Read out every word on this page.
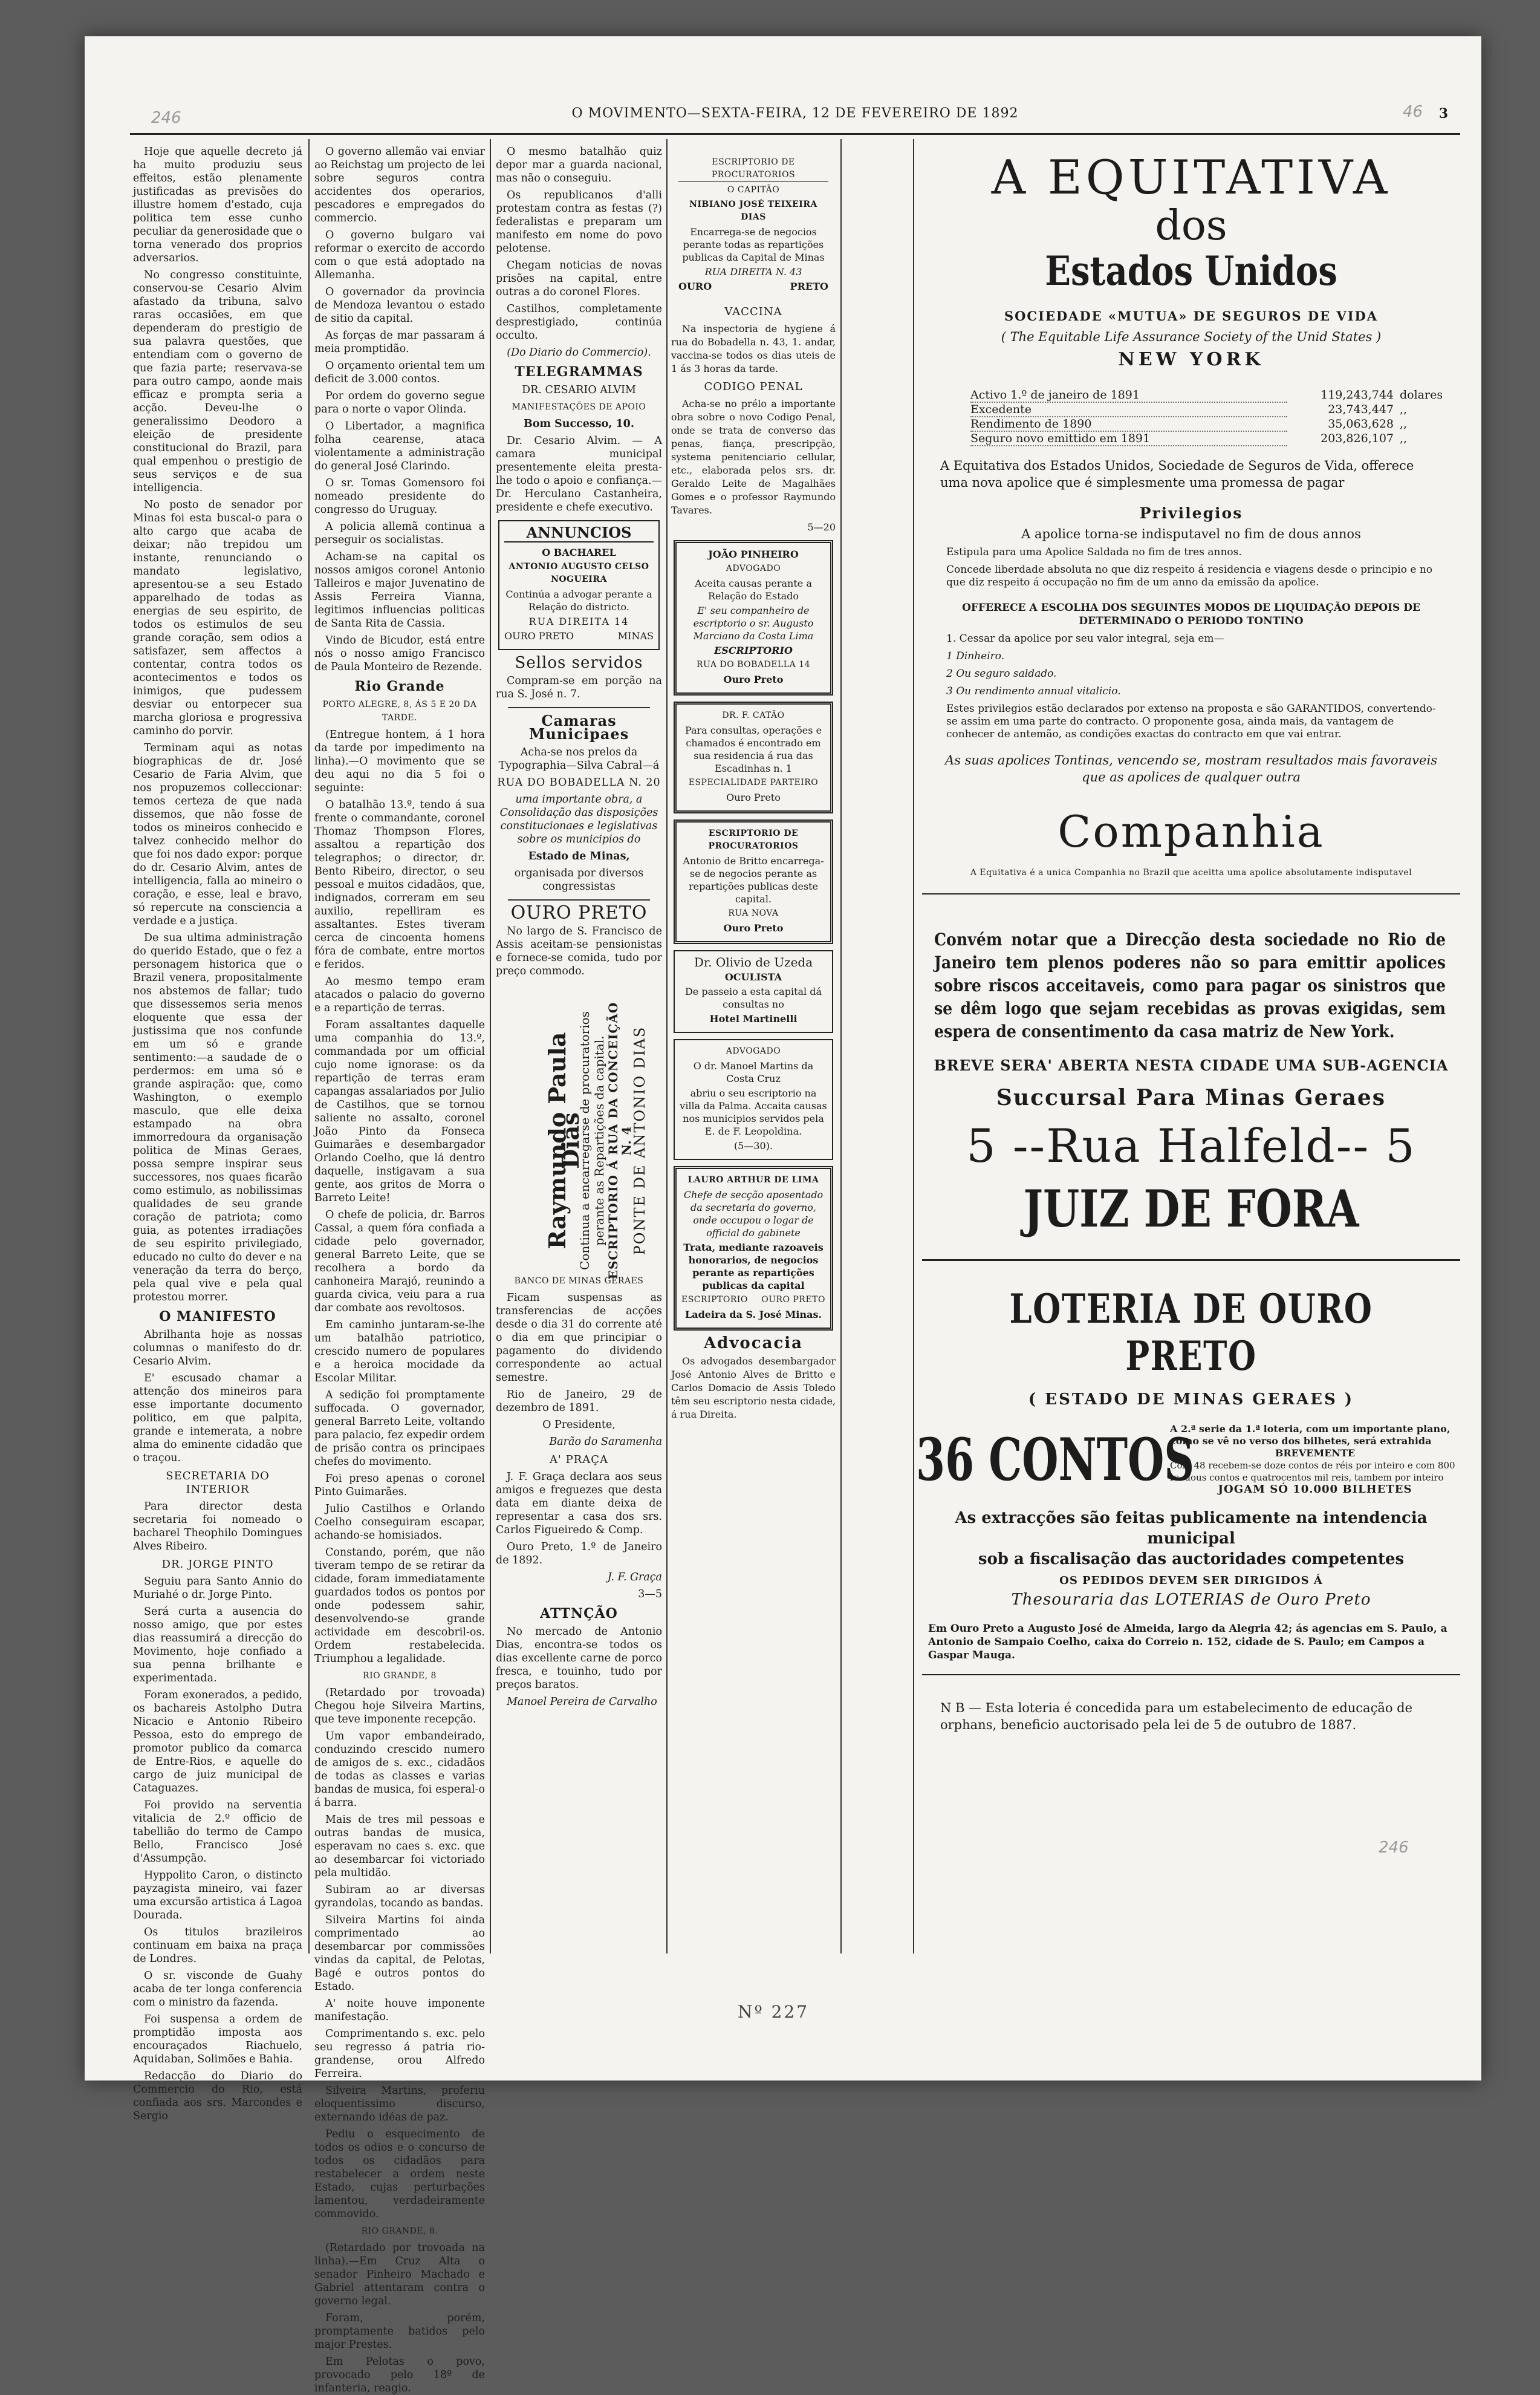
246	46
246
O MOVIMENTO—SEXTA-FEIRA, 12 DE FEVEREIRO DE 1892	3

Hoje que aquelle decreto já ha muito produziu seus effeitos, estão plenamente justificadas as previsões do illustre homem d'estado, cuja politica tem esse cunho peculiar da generosidade que o torna venerado dos proprios adversarios.

No congresso constituinte, conservou-se Cesario Alvim afastado da tribuna, salvo raras occasiões, em que dependeram do prestigio de sua palavra questões, que entendiam com o governo de que fazia parte; reservava-se para outro campo, aonde mais efficaz e prompta seria a acção. Deveu-lhe o generalissimo Deodoro a eleição de presidente constitucional do Brazil, para qual empenhou o prestigio de seus serviços e de sua intelligencia.

No posto de senador por Minas foi esta buscal-o para o alto cargo que acaba de deixar; não trepidou um instante, renunciando o mandato legislativo, apresentou-se a seu Estado apparelhado de todas as energias de seu espirito, de todos os estimulos de seu grande coração, sem odios a satisfazer, sem affectos a contentar, contra todos os acontecimentos e todos os inimigos, que pudessem desviar ou entorpecer sua marcha gloriosa e progressiva caminho do porvir.

Terminam aqui as notas biographicas de dr. José Cesario de Faria Alvim, que nos propuzemos colleccionar: temos certeza de que nada dissemos, que não fosse de todos os mineiros conhecido e talvez conhecido melhor do que foi nos dado expor: porque do dr. Cesario Alvim, antes de intelligencia, falla ao mineiro o coração, e esse, leal e bravo, só repercute na consciencia a verdade e a justiça.

De sua ultima administração do querido Estado, que o fez a personagem historica que o Brazil venera, propositalmente nos abstemos de fallar; tudo que dissessemos seria menos eloquente que essa der justissima que nos confunde em um só e grande sentimento:—a saudade de o perdermos: em uma só e grande aspiração: que, como Washington, o exemplo masculo, que elle deixa estampado na obra immorredoura da organisação politica de Minas Geraes, possa sempre inspirar seus successores, nos quaes ficarão como estimulo, as nobilissimas qualidades de seu grande coração de patriota; como guia, as potentes irradiações de seu espirito privilegiado, educado no culto do dever e na veneração da terra do berço, pela qual vive e pela qual protestou morrer.

O MANIFESTO

Abrilhanta hoje as nossas columnas o manifesto do dr. Cesario Alvim.

E' escusado chamar a attenção dos mineiros para esse importante documento politico, em que palpita, grande e intemerata, a nobre alma do eminente cidadão que o traçou.

SECRETARIA DO INTERIOR

Para director desta secretaria foi nomeado o bacharel Theophilo Domingues Alves Ribeiro.

DR. JORGE PINTO

Seguiu para Santo Annio do Muriahé o dr. Jorge Pinto.

Será curta a ausencia do nosso amigo, que por estes dias reassumirá a direcção do Movimento, hoje confiado a sua penna brilhante e experimentada.

Foram exonerados, a pedido, os bachareis Astolpho Dutra Nicacio e Antonio Ribeiro Pessoa, esto do emprego de promotor publico da comarca de Entre-Rios, e aquelle do cargo de juiz municipal de Cataguazes.

Foi provido na serventia vitalicia de 2.º officio de tabellião do termo de Campo Bello, Francisco José d'Assumpção.

Hyppolito Caron, o distincto payzagista mineiro, vai fazer uma excursão artistica á Lagoa Dourada.

Os titulos brazileiros continuam em baixa na praça de Londres.

O sr. visconde de Guahy acaba de ter longa conferencia com o ministro da fazenda.

Foi suspensa a ordem de promptidão imposta aos encouraçados Riachuelo, Aquidaban, Solimões e Bahia.

Redacção do Diario do Commercio do Rio, está confiada aos srs. Marcondes e Sergio

O governo allemão vai enviar ao Reichstag um projecto de lei sobre seguros contra accidentes dos operarios, pescadores e empregados do commercio.

O governo bulgaro vai reformar o exercito de accordo com o que está adoptado na Allemanha.

O governador da provincia de Mendoza levantou o estado de sitio da capital.

As forças de mar passaram á meia promptidão.

O orçamento oriental tem um deficit de 3.000 contos.

Por ordem do governo segue para o norte o vapor Olinda.

O Libertador, a magnifica folha cearense, ataca violentamente a administração do general José Clarindo.

O sr. Tomas Gomensoro foi nomeado presidente do congresso do Uruguay.

A policia allemã continua a perseguir os socialistas.

Acham-se na capital os nossos amigos coronel Antonio Talleiros e major Juvenatino de Assis Ferreira Vianna, legitimos influencias politicas de Santa Rita de Cassia.

Vindo de Bicudor, está entre nós o nosso amigo Francisco de Paula Monteiro de Rezende.

Rio Grande

PORTO ALEGRE, 8, ÁS 5 E 20 DA TARDE.

(Entregue hontem, á 1 hora da tarde por impedimento na linha).—O movimento que se deu aqui no dia 5 foi o seguinte:

O batalhão 13.º, tendo á sua frente o commandante, coronel Thomaz Thompson Flores, assaltou a repartição dos telegraphos; o director, dr. Bento Ribeiro, director, o seu pessoal e muitos cidadãos, que, indignados, correram em seu auxilio, repelliram es assaltantes. Estes tiveram cerca de cincoenta homens fóra de combate, entre mortos e feridos.

Ao mesmo tempo eram atacados o palacio do governo e a repartição de terras.

Foram assaltantes daquelle uma companhia do 13.º, commandada por um official cujo nome ignorase: os da repartição de terras eram capangas assalariados por Julio de Castilhos, que se tornou saliente no assalto, coronel João Pinto da Fonseca Guimarães e desembargador Orlando Coelho, que lá dentro daquelle, instigavam a sua gente, aos gritos de Morra o Barreto Leite!

O chefe de policia, dr. Barros Cassal, a quem fóra confiada a cidade pelo governador, general Barreto Leite, que se recolhera a bordo da canhoneira Marajó, reunindo a guarda civica, veiu para a rua dar combate aos revoltosos.

Em caminho juntaram-se-lhe um batalhão patriotico, crescido numero de populares e a heroica mocidade da Escolar Militar.

A sedição foi promptamente suffocada. O governador, general Barreto Leite, voltando para palacio, fez expedir ordem de prisão contra os principaes chefes do movimento.

Foi preso apenas o coronel Pinto Guimarães.

Julio Castilhos e Orlando Coelho conseguiram escapar, achando-se homisiados.

Constando, porém, que não tiveram tempo de se retirar da cidade, foram immediatamente guardados todos os pontos por onde podessem sahir, desenvolvendo-se grande actividade em descobril-os. Ordem restabelecida. Triumphou a legalidade.

RIO GRANDE, 8

(Retardado por trovoada) Chegou hoje Silveira Martins, que teve imponente recepção.

Um vapor embandeirado, conduzindo crescido numero de amigos de s. exc., cidadãos de todas as classes e varias bandas de musica, foi esperal-o á barra.

Mais de tres mil pessoas e outras bandas de musica, esperavam no caes s. exc. que ao desembarcar foi victoriado pela multidão.

Subiram ao ar diversas gyrandolas, tocando as bandas.

Silveira Martins foi ainda comprimentado ao desembarcar por commissões vindas da capital, de Pelotas, Bagé e outros pontos do Estado.

A' noite houve imponente manifestação.

Comprimentando s. exc. pelo seu regresso á patria rio-grandense, orou Alfredo Ferreira.

Silveira Martins, proferiu eloquentissimo discurso, externando idéas de paz.

Pediu o esquecimento de todos os odios e o concurso de todos os cidadãos para restabelecer a ordem neste Estado, cujas perturbações lamentou, verdadeiramente commovido.

RIO GRANDE, 8.

(Retardado por trovoada na linha).—Em Cruz Alta o senador Pinheiro Machado e Gabriel attentaram contra o governo legal.

Foram, porém, promptamente batidos pelo major Prestes.

Em Pelotas o povo, provocado pelo 18º de infanteria, reagio.

O mesmo batalhão quiz depor mar a guarda nacional, mas não o conseguiu.

Os republicanos d'alli protestam contra as festas (?) federalistas e preparam um manifesto em nome do povo pelotense.

Chegam noticias de novas prisões na capital, entre outras a do coronel Flores.

Castilhos, completamente desprestigiado, continúa occulto.

(Do Diario do Commercio).

TELEGRAMMAS

DR. CESARIO ALVIM

MANIFESTAÇÕES DE APOIO

Bom Successo, 10.

Dr. Cesario Alvim. — A camara municipal presentemente eleita presta-lhe todo o apoio e confiança.—Dr. Herculano Castanheira, presidente e chefe executivo.

ANNUNCIOS

O BACHAREL

ANTONIO AUGUSTO CELSO NOGUEIRA

Continúa a advogar perante a Relação do districto.

RUA DIREITA 14

OURO PRETO	MINAS

Sellos servidos

Compram-se em porção na rua S. José n. 7.

Camaras Municipaes

Acha-se nos prelos da Typographia—Silva Cabral—á

RUA DO BOBADELLA N. 20

uma importante obra, a Consolidação das disposições constitucionaes e legislativas sobre os municipios do

Estado de Minas,

organisada por diversos congressistas

OURO PRETO

No largo de S. Francisco de Assis aceitam-se pensionistas e fornece-se comida, tudo por preço commodo.

Raymundo Paula Dias
Continua a encarregarse de procuratorios perante as Repartições da capital. ESCRIPTORIO Á RUA DA CONCEIÇÃO N. 4
PONTE DE ANTONIO DIAS

BANCO DE MINAS GERAES

Ficam suspensas as transferencias de acções desde o dia 31 do corrente até o dia em que principiar o pagamento do dividendo correspondente ao actual semestre.

Rio de Janeiro, 29 de dezembro de 1891.

O Presidente,

Barão do Saramenha

A' PRAÇA

J. F. Graça declara aos seus amigos e freguezes que desta data em diante deixa de representar a casa dos srs. Carlos Figueiredo & Comp.

Ouro Preto, 1.º de Janeiro de 1892.

J. F. Graça

3—5

ATTNÇÃO

No mercado de Antonio Dias, encontra-se todos os dias excellente carne de porco fresca, e touinho, tudo por preços baratos.

Manoel Pereira de Carvalho

ESCRIPTORIO DE PROCURATORIOS

O CAPITÃO

NIBIANO JOSÉ TEIXEIRA DIAS

Encarrega-se de negocios perante todas as repartições publicas da Capital de Minas

RUA DIREITA N. 43

OURO	PRETO

VACCINA

Na inspectoria de hygiene á rua do Bobadella n. 43, 1. andar, vaccina-se todos os dias uteis de 1 ás 3 horas da tarde.

CODIGO PENAL

Acha-se no prélo a importante obra sobre o novo Codigo Penal, onde se trata de converso das penas, fiança, prescripção, systema penitenciario cellular, etc., elaborada pelos srs. dr. Geraldo Leite de Magalhães Gomes e o professor Raymundo Tavares.

5—20

JOÃO PINHEIRO

ADVOGADO

Aceita causas perante a Relação do Estado

E' seu companheiro de escriptorio o sr. Augusto Marciano da Costa Lima

ESCRIPTORIO

RUA DO BOBADELLA 14

Ouro Preto

DR. F. CATÃO

Para consultas, operações e chamados é encontrado em sua residencia á rua das Escadinhas n. 1

ESPECIALIDADE PARTEIRO

Ouro Preto

ESCRIPTORIO DE PROCURATORIOS

Antonio de Britto encarrega-se de negocios perante as repartições publicas deste capital.

RUA NOVA

Ouro Preto

Dr. Olivio de Uzeda

OCULISTA

De passeio a esta capital dá consultas no

Hotel Martinelli

ADVOGADO

O dr. Manoel Martins da Costa Cruz

abriu o seu escriptorio na villa da Palma. Accaita causas nos municipios servidos pela E. de F. Leopoldina.

(5—30).

LAURO ARTHUR DE LIMA

Chefe de secção aposentado da secretaria do governo, onde occupou o logar de official do gabinete

Trata, mediante razoaveis honorarios, de negocios perante as repartições publicas da capital

ESCRIPTORIO OURO PRETO

Ladeira da S. José Minas.

Advocacia

Os advogados desembargador José Antonio Alves de Britto e Carlos Domacio de Assis Toledo têm seu escriptorio nesta cidade, á rua Direita.

A EQUITATIVA
dos
Estados Unidos
SOCIEDADE «MUTUA» DE SEGUROS DE VIDA
( The Equitable Life Assurance Society of the Unid States )
NEW YORK
Activo 1.º de janeiro de 1891	119,243,744 dolares
Excedente	23,743,447 ,,
Rendimento de 1890	35,063,628 ,,
Seguro novo emittido em 1891	203,826,107 ,,
A Equitativa dos Estados Unidos, Sociedade de Seguros de Vida, offerece uma nova apolice que é simplesmente uma promessa de pagar
Privilegios
A apolice torna-se indisputavel no fim de dous annos
Estipula para uma Apolice Saldada no fim de tres annos.
Concede liberdade absoluta no que diz respeito á residencia e viagens desde o principio e no que diz respeito á occupação no fim de um anno da emissão da apolice.
OFFERECE A ESCOLHA DOS SEGUINTES MODOS DE LIQUIDAÇÃO DEPOIS DE DETERMINADO O PERIODO TONTINO
1. Cessar da apolice por seu valor integral, seja em—
1 Dinheiro.
2 Ou seguro saldado.
3 Ou rendimento annual vitalicio.
Estes privilegios estão declarados por extenso na proposta e são GARANTIDOS, convertendo-se assim em uma parte do contracto. O proponente gosa, ainda mais, da vantagem de conhecer de antemão, as condições exactas do contracto em que vai entrar.
As suas apolices Tontinas, vencendo se, mostram resultados mais favoraveis que as apolices de qualquer outra
Companhia
A Equitativa é a unica Companhia no Brazil que aceitta uma apolice absolutamente indisputavel
Convém notar que a Direcção desta sociedade no Rio de Janeiro tem plenos poderes não so para emittir apolices sobre riscos acceitaveis, como para pagar os sinistros que se dêm logo que sejam recebidas as provas exigidas, sem espera de consentimento da casa matriz de New York.
BREVE SERA' ABERTA NESTA CIDADE UMA SUB-AGENCIA
Succursal Para Minas Geraes
5 --Rua Halfeld-- 5
JUIZ DE FORA
LOTERIA DE OURO PRETO
( ESTADO DE MINAS GERAES )
36 CONTOS
A 2.ª serie da 1.ª loteria, com um importante plano, como se vê no verso dos bilhetes, será extrahida
BREVEMENTE
Com 48 recebem-se doze contos de réis por inteiro e com 800 rs. dous contos e quatrocentos mil reis, tambem por inteiro
JOGAM SÓ 10.000 BILHETES
As extracções são feitas publicamente na intendencia municipal
sob a fiscalisação das auctoridades competentes
OS PEDIDOS DEVEM SER DIRIGIDOS Á
Thesouraria das LOTERIAS de Ouro Preto
Em Ouro Preto a Augusto José de Almeida, largo da Alegria 42; ás agencias em S. Paulo, a Antonio de Sampaio Coelho, caixa do Correio n. 152, cidade de S. Paulo; em Campos a Gaspar Mauga.
N B — Esta loteria é concedida para um estabelecimento de educação de orphans, beneficio auctorisado pela lei de 5 de outubro de 1887.
Nº 227
